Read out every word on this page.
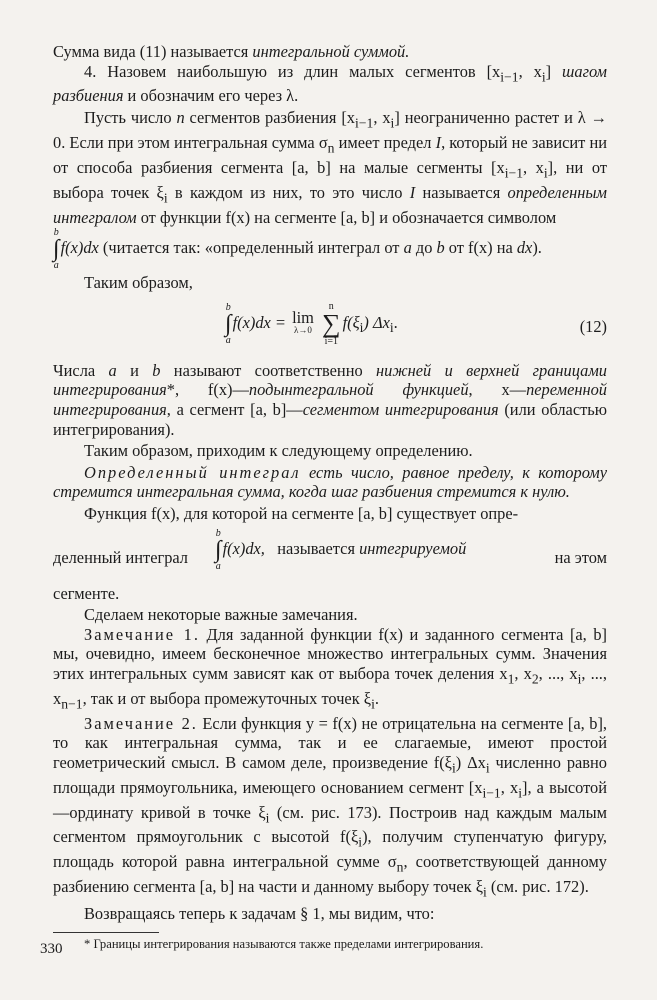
Сумма вида (11) называется интегральной суммой.

4. Назовем наибольшую из длин малых сегментов [$x_{i-1}$, $x_i$] шагом разбиения и обозначим его через λ.

Пусть число n сегментов разбиения [$x_{i-1}$, $x_i$] неограниченно растет и λ → 0. Если при этом интегральная сумма $\sigma_n$ имеет предел I, который не зависит ни от способа разбиения сегмента [a, b] на малые сегменты [$x_{i-1}$, $x_i$], ни от выбора точек $\xi_i$ в каждом из них, то это число I называется определенным интегралом от функции f(x) на сегменте [a, b] и обозначается символом

b
∫
a
f(x)dx (читается так: «определенный интеграл от a до b от f(x) на dx).

Таким образом,

b
∫
a
f(x)dx = lim
λ→0

n
∑
i=1
$f(\xi_i)$ $\Delta x_i$.	(12)

Числа a и b называют соответственно нижней и верхней границами интегрирования*, f(x)—подынтегральной функцией, x—переменной интегрирования, а сегмент [a, b]—сегментом интегрирования (или областью интегрирования).

Таким образом, приходим к следующему определению.

Определенный интеграл есть число, равное пределу, к которому стремится интегральная сумма, когда шаг разбиения стремится к нулю.

Функция f(x), для которой на сегменте [a, b] существует опре-

деленный интеграл
b
∫
a
f(x)dx, называется интегрируемой	на этом

сегменте.

Сделаем некоторые важные замечания.

Замечание 1. Для заданной функции f(x) и заданного сегмента [a, b] мы, очевидно, имеем бесконечное множество интегральных сумм. Значения этих интегральных сумм зависят как от выбора точек деления $x_1$, $x_2$, ..., $x_i$, ..., $x_{n-1}$, так и от выбора промежуточных точек $\xi_i$.

Замечание 2. Если функция y = f(x) не отрицательна на сегменте [a, b], то как интегральная сумма, так и ее слагаемые, имеют простой геометрический смысл. В самом деле, произведение $f(\xi_i)$ $\Delta x_i$ численно равно площади прямоугольника, имеющего основанием сегмент [$x_{i-1}$, $x_i$], а высотой—ординату кривой в точке $\xi_i$ (см. рис. 173). Построив над каждым малым сегментом прямоугольник с высотой $f(\xi_i)$, получим ступенчатую фигуру, площадь которой равна интегральной сумме $\sigma_n$, соответствующей данному разбиению сегмента [a, b] на части и данному выбору точек $\xi_i$ (см. рис. 172).

Возвращаясь теперь к задачам § 1, мы видим, что:

* Границы интегрирования называются также пределами интегрирования.

330
